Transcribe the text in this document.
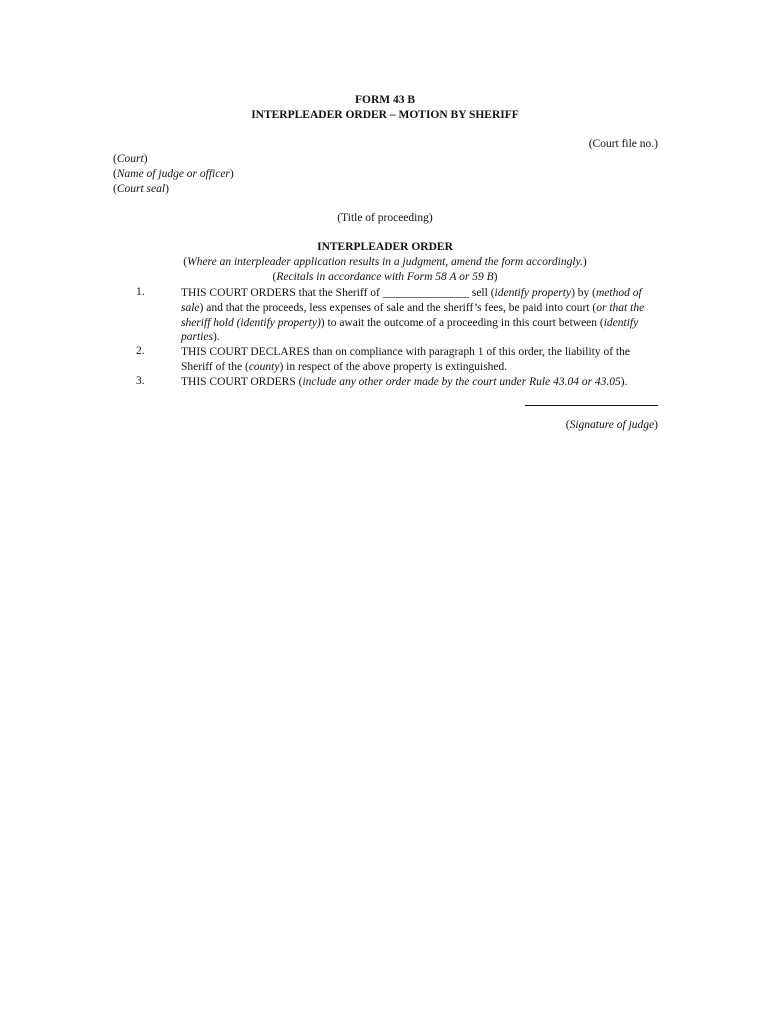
FORM 43 B
INTERPLEADER ORDER – MOTION BY SHERIFF
(Court file no.)
(Court)
(Name of judge or officer)
(Court seal)
(Title of proceeding)
INTERPLEADER ORDER
(Where an interpleader application results in a judgment, amend the form accordingly.)
(Recitals in accordance with Form 58 A or 59 B)
1.	THIS COURT ORDERS that the Sheriff of _______________ sell (identify property) by (method of sale) and that the proceeds, less expenses of sale and the sheriff’s fees, be paid into court (or that the sheriff hold (identify property)) to await the outcome of a proceeding in this court between (identify parties).
2.	THIS COURT DECLARES than on compliance with paragraph 1 of this order, the liability of the Sheriff of the (county) in respect of the above property is extinguished.
3.	THIS COURT ORDERS (include any other order made by the court under Rule 43.04 or 43.05).
(Signature of judge)
